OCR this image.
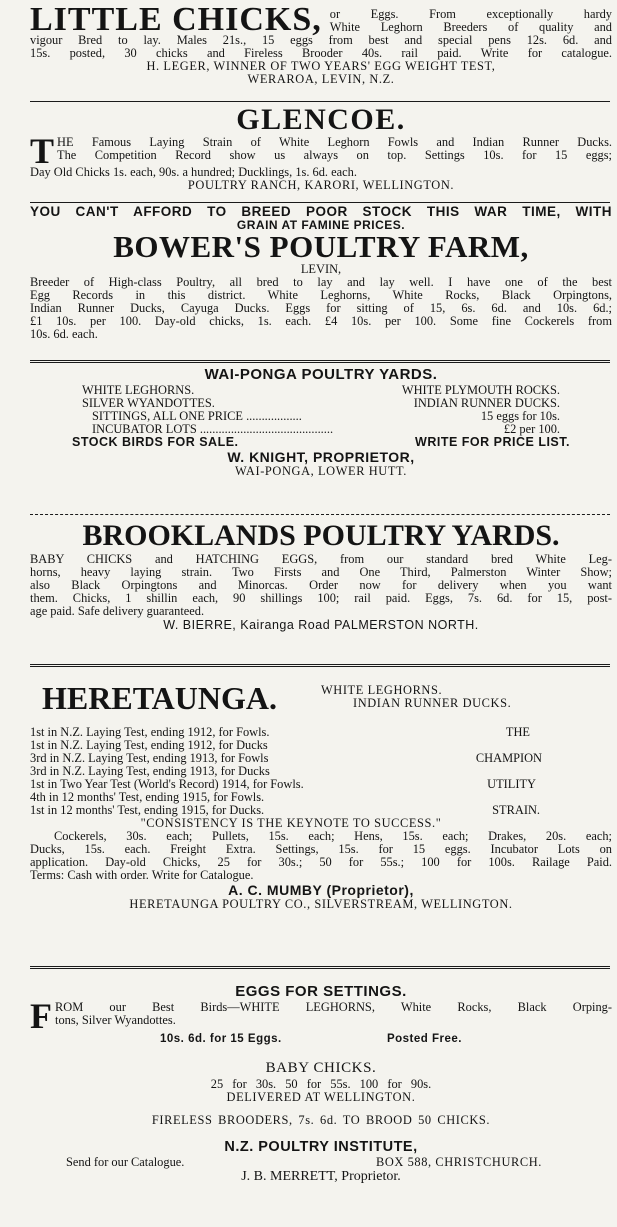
LITTLE CHICKS, or Eggs. From exceptionally hardy

White Leghorn Breeders of quality and

vigour Bred to lay. Males 21s., 15 eggs from best and special pens 12s. 6d. and

15s. posted, 30 chicks and Fireless Brooder 40s. rail paid. Write for catalogue.

H. LEGER, WINNER OF TWO YEARS' EGG WEIGHT TEST,

WERAROA, LEVIN, N.Z.

GLENCOE.

T HE Famous Laying Strain of White Leghorn Fowls and Indian Runner Ducks.

The Competition Record show us always on top. Settings 10s. for 15 eggs;

Day Old Chicks 1s. each, 90s. a hundred; Ducklings, 1s. 6d. each.

POULTRY RANCH, KARORI, WELLINGTON.

YOU CAN'T AFFORD TO BREED POOR STOCK THIS WAR TIME, WITH

GRAIN AT FAMINE PRICES.

BOWER'S POULTRY FARM,

LEVIN,

Breeder of High-class Poultry, all bred to lay and lay well. I have one of the best

Egg Records in this district. White Leghorns, White Rocks, Black Orpingtons,

Indian Runner Ducks, Cayuga Ducks. Eggs for sitting of 15, 6s. 6d. and 10s. 6d.;

£1 10s. per 100. Day-old chicks, 1s. each. £4 10s. per 100. Some fine Cockerels from

10s. 6d. each.

WAI-PONGA POULTRY YARDS.

WHITE LEGHORNS.	WHITE PLYMOUTH ROCKS.
SILVER WYANDOTTES.	INDIAN RUNNER DUCKS.
SITTINGS, ALL ONE PRICE ..................	15 eggs for 10s.
INCUBATOR LOTS ...........................................	£2 per 100.
STOCK BIRDS FOR SALE.	WRITE FOR PRICE LIST.

W. KNIGHT, PROPRIETOR,

WAI-PONGA, LOWER HUTT.

BROOKLANDS POULTRY YARDS.

BABY CHICKS and HATCHING EGGS, from our standard bred White Leg-

horns, heavy laying strain. Two Firsts and One Third, Palmerston Winter Show;

also Black Orpingtons and Minorcas. Order now for delivery when you want

them. Chicks, 1 shillin each, 90 shillings 100; rail paid. Eggs, 7s. 6d. for 15, post-

age paid. Safe delivery guaranteed.

W. BIERRE, Kairanga Road PALMERSTON NORTH.

HERETAUNGA.	WHITE LEGHORNS.

INDIAN RUNNER DUCKS.

1st in N.Z. Laying Test, ending 1912, for Fowls.	THE
1st in N.Z. Laying Test, ending 1912, for Ducks
3rd in N.Z. Laying Test, ending 1913, for Fowls	CHAMPION
3rd in N.Z. Laying Test, ending 1913, for Ducks
1st in Two Year Test (World's Record) 1914, for Fowls.	UTILITY
4th in 12 months' Test, ending 1915, for Fowls.
1st in 12 months' Test, ending 1915, for Ducks.	STRAIN.

"CONSISTENCY IS THE KEYNOTE TO SUCCESS."

Cockerels, 30s. each; Pullets, 15s. each; Hens, 15s. each; Drakes, 20s. each;

Ducks, 15s. each. Freight Extra. Settings, 15s. for 15 eggs. Incubator Lots on

application. Day-old Chicks, 25 for 30s.; 50 for 55s.; 100 for 100s. Railage Paid.

Terms: Cash with order. Write for Catalogue.

A. C. MUMBY (Proprietor),

HERETAUNGA POULTRY CO., SILVERSTREAM, WELLINGTON.

EGGS FOR SETTINGS.

F ROM our Best Birds—WHITE LEGHORNS, White Rocks, Black Orping-

tons, Silver Wyandottes.

10s. 6d. for 15 Eggs.	Posted Free.

BABY CHICKS.

25 for 30s. 50 for 55s. 100 for 90s.

DELIVERED AT WELLINGTON.

FIRELESS BROODERS, 7s. 6d. TO BROOD 50 CHICKS.

N.Z. POULTRY INSTITUTE,

Send for our Catalogue.	BOX 588, CHRISTCHURCH.

J. B. MERRETT, Proprietor.
